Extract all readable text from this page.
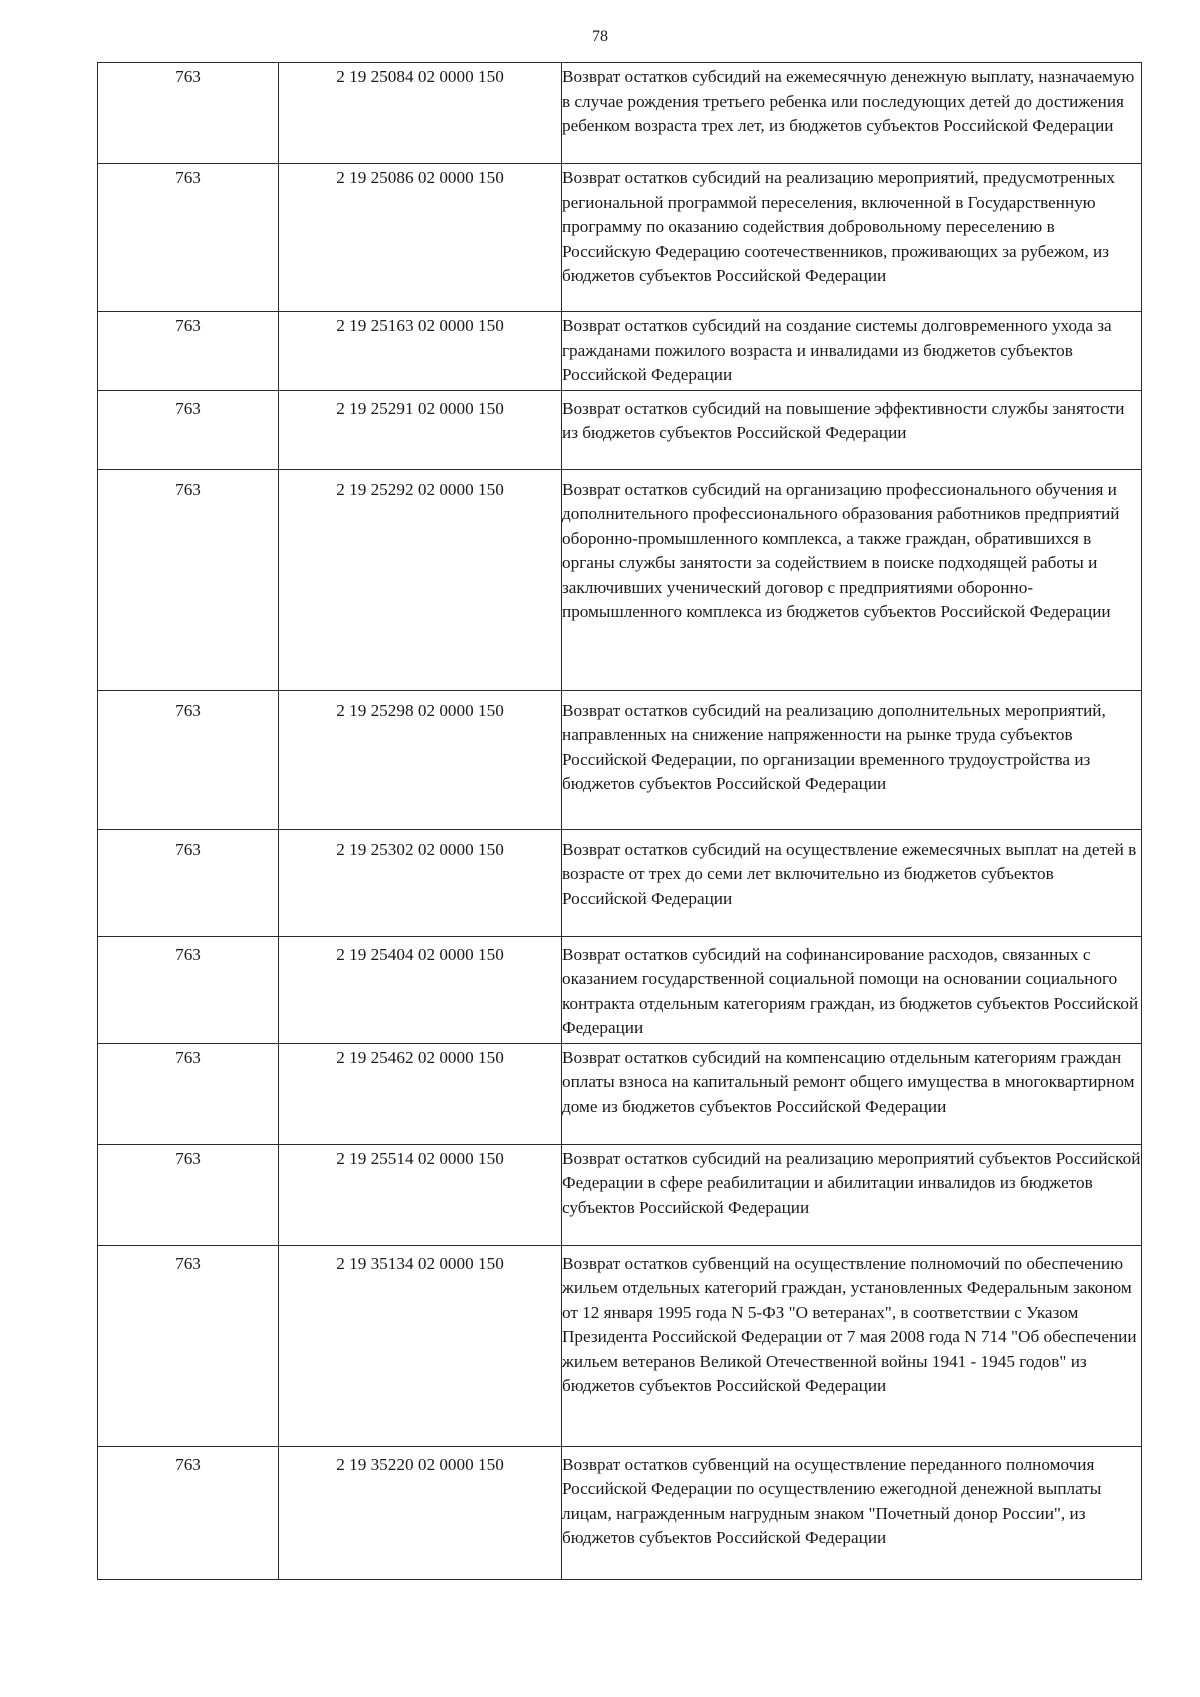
78
763	2 19 25084 02 0000 150	Возврат остатков субсидий на ежемесячную денежную выплату, назначаемую в случае рождения третьего ребенка или последующих детей до достижения ребенком возраста трех лет, из бюджетов субъектов Российской Федерации
763	2 19 25086 02 0000 150	Возврат остатков субсидий на реализацию мероприятий, предусмотренных региональной программой переселения, включенной в Государственную программу по оказанию содействия добровольному переселению в Российскую Федерацию соотечественников, проживающих за рубежом, из бюджетов субъектов Российской Федерации
763	2 19 25163 02 0000 150	Возврат остатков субсидий на создание системы долговременного ухода за гражданами пожилого возраста и инвалидами из бюджетов субъектов Российской Федерации
763	2 19 25291 02 0000 150	Возврат остатков субсидий на повышение эффективности службы занятости из бюджетов субъектов Российской Федерации
763	2 19 25292 02 0000 150	Возврат остатков субсидий на организацию профессионального обучения и дополнительного профессионального образования работников предприятий оборонно-промышленного комплекса, а также граждан, обратившихся в органы службы занятости за содействием в поиске подходящей работы и заключивших ученический договор с предприятиями оборонно-промышленного комплекса из бюджетов субъектов Российской Федерации
763	2 19 25298 02 0000 150	Возврат остатков субсидий на реализацию дополнительных мероприятий, направленных на снижение напряженности на рынке труда субъектов Российской Федерации, по организации временного трудоустройства из бюджетов субъектов Российской Федерации
763	2 19 25302 02 0000 150	Возврат остатков субсидий на осуществление ежемесячных выплат на детей в возрасте от трех до семи лет включительно из бюджетов субъектов Российской Федерации
763	2 19 25404 02 0000 150	Возврат остатков субсидий на софинансирование расходов, связанных с оказанием государственной социальной помощи на основании социального контракта отдельным категориям граждан, из бюджетов субъектов Российской Федерации
763	2 19 25462 02 0000 150	Возврат остатков субсидий на компенсацию отдельным категориям граждан оплаты взноса на капитальный ремонт общего имущества в многоквартирном доме из бюджетов субъектов Российской Федерации
763	2 19 25514 02 0000 150	Возврат остатков субсидий на реализацию мероприятий субъектов Российской Федерации в сфере реабилитации и абилитации инвалидов из бюджетов субъектов Российской Федерации
763	2 19 35134 02 0000 150	Возврат остатков субвенций на осуществление полномочий по обеспечению жильем отдельных категорий граждан, установленных Федеральным законом от 12 января 1995 года N 5-ФЗ "О ветеранах", в соответствии с Указом Президента Российской Федерации от 7 мая 2008 года N 714 "Об обеспечении жильем ветеранов Великой Отечественной войны 1941 - 1945 годов" из бюджетов субъектов Российской Федерации
763	2 19 35220 02 0000 150	Возврат остатков субвенций на осуществление переданного полномочия Российской Федерации по осуществлению ежегодной денежной выплаты лицам, награжденным нагрудным знаком "Почетный донор России", из бюджетов субъектов Российской Федерации
